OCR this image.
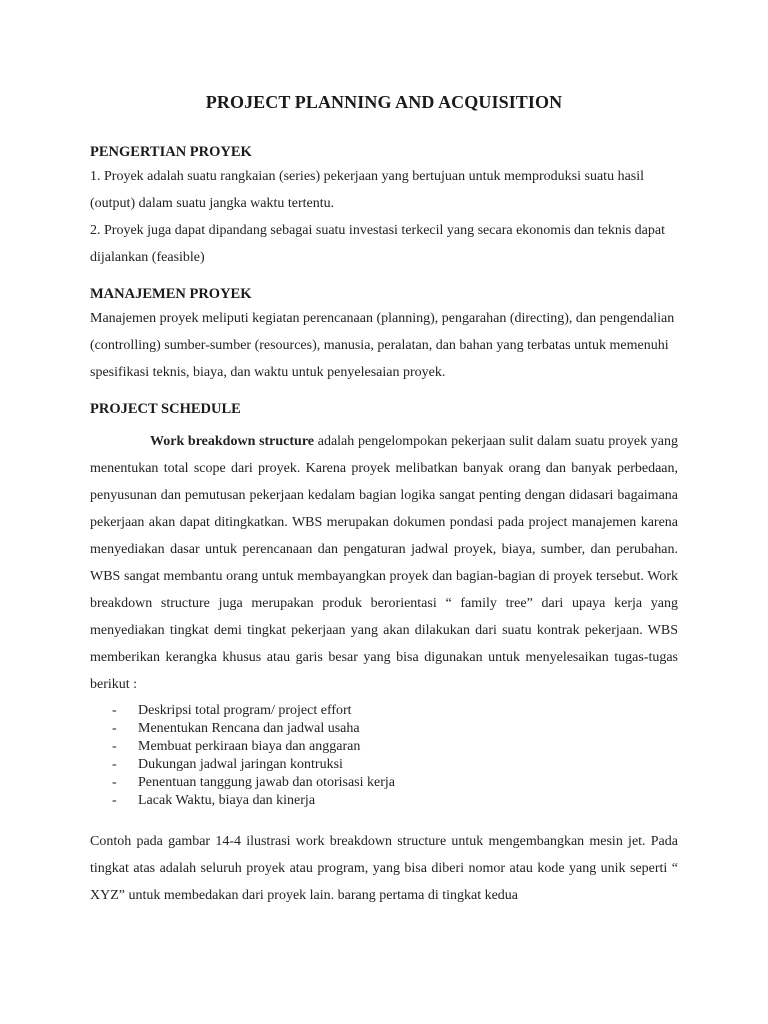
PROJECT PLANNING AND ACQUISITION
PENGERTIAN PROYEK

1. Proyek adalah suatu rangkaian (series) pekerjaan yang bertujuan untuk memproduksi suatu hasil (output) dalam suatu jangka waktu tertentu.

2. Proyek juga dapat dipandang sebagai suatu investasi terkecil yang secara ekonomis dan teknis dapat dijalankan (feasible)

MANAJEMEN PROYEK

Manajemen proyek meliputi kegiatan perencanaan (planning), pengarahan (directing), dan pengendalian (controlling) sumber-sumber (resources), manusia, peralatan, dan bahan yang terbatas untuk memenuhi spesifikasi teknis, biaya, dan waktu untuk penyelesaian proyek.

PROJECT SCHEDULE

Work breakdown structure adalah pengelompokan pekerjaan sulit dalam suatu proyek yang menentukan total scope dari proyek. Karena proyek melibatkan banyak orang dan banyak perbedaan, penyusunan dan pemutusan pekerjaan kedalam bagian logika sangat penting dengan didasari bagaimana pekerjaan akan dapat ditingkatkan. WBS merupakan dokumen pondasi pada project manajemen karena menyediakan dasar untuk perencanaan dan pengaturan jadwal proyek, biaya, sumber, dan perubahan. WBS sangat membantu orang untuk membayangkan proyek dan bagian-bagian di proyek tersebut. Work breakdown structure juga merupakan produk berorientasi “ family tree” dari upaya kerja yang menyediakan tingkat demi tingkat pekerjaan yang akan dilakukan dari suatu kontrak pekerjaan. WBS memberikan kerangka khusus atau garis besar yang bisa digunakan untuk menyelesaikan tugas-tugas berikut :

-	Deskripsi total program/ project effort
-	Menentukan Rencana dan jadwal usaha
-	Membuat perkiraan biaya dan anggaran
-	Dukungan jadwal jaringan kontruksi
-	Penentuan tanggung jawab dan otorisasi kerja
-	Lacak Waktu, biaya dan kinerja

Contoh pada gambar 14-4 ilustrasi work breakdown structure untuk mengembangkan mesin jet. Pada tingkat atas adalah seluruh proyek atau program, yang bisa diberi nomor atau kode yang unik seperti “ XYZ” untuk membedakan dari proyek lain. barang pertama di tingkat kedua
